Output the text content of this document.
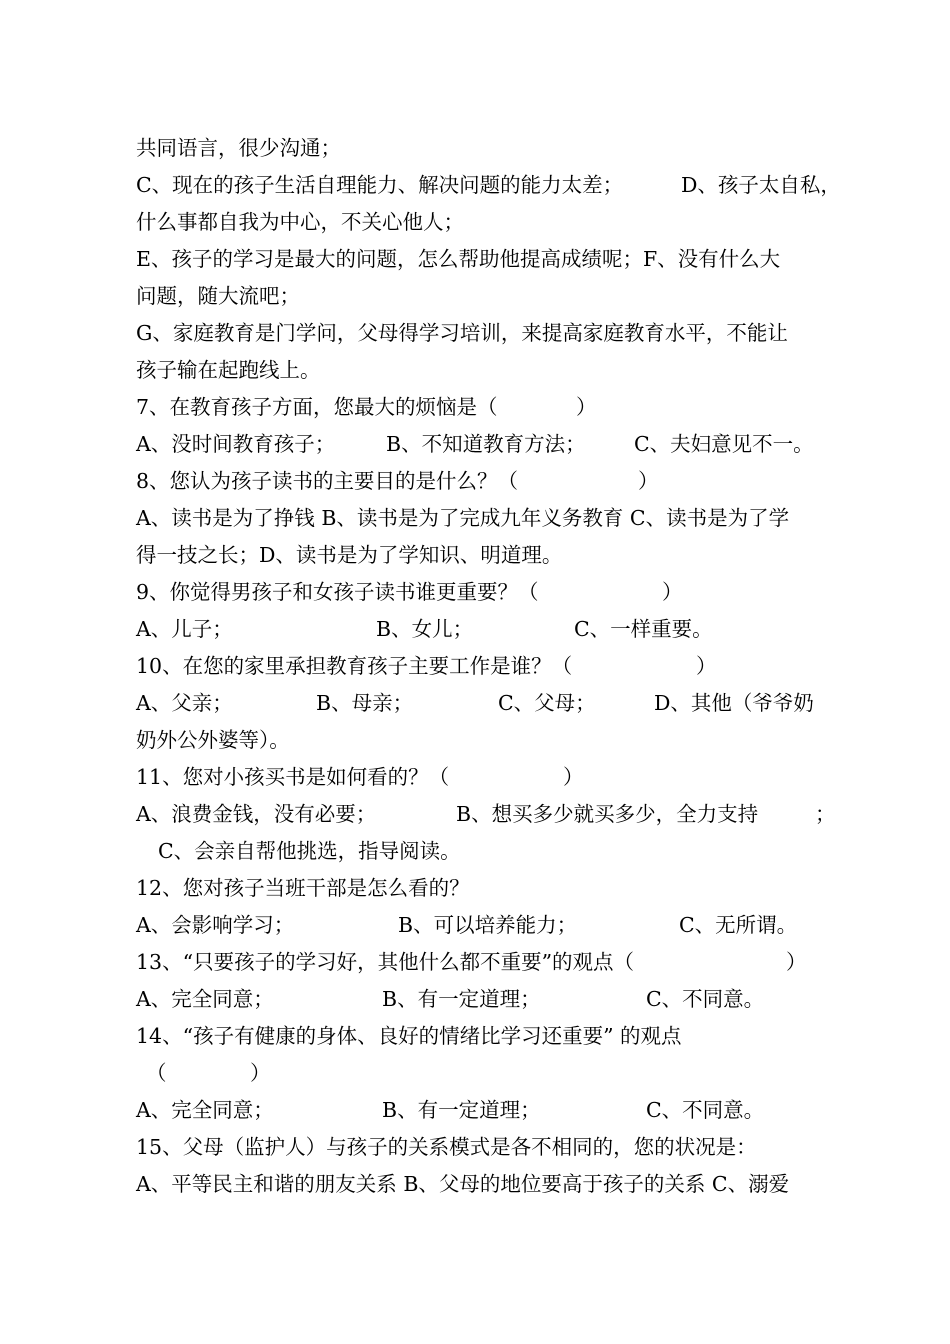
共同语言，很少沟通；
C、现在的孩子生活自理能力、解决问题的能力太差；	D、孩子太自私，
什么事都自我为中心，不关心他人；
E、孩子的学习是最大的问题，怎么帮助他提高成绩呢；F、没有什么大
问题，随大流吧；
G、家庭教育是门学问，父母得学习培训，来提高家庭教育水平，不能让
孩子输在起跑线上。
7、在教育孩子方面，您最大的烦恼是（	）
A、没时间教育孩子； B、不知道教育方法； C、夫妇意见不一。
8、您认为孩子读书的主要目的是什么？（	）
A、读书是为了挣钱 B、读书是为了完成九年义务教育 C、读书是为了学
得一技之长；D、读书是为了学知识、明道理。
9、你觉得男孩子和女孩子读书谁更重要？（	）
A、儿子；	B、女儿；	C、一样重要。
10、在您的家里承担教育孩子主要工作是谁？（	）
A、父亲；	B、母亲；	C、父母；	D、其他（爷爷奶
奶外公外婆等）。
11、您对小孩买书是如何看的？（	）
A、浪费金钱，没有必要；	B、想买多少就买多少，全力支持	；
C、会亲自帮他挑选，指导阅读。
12、您对孩子当班干部是怎么看的？
A、会影响学习；	B、可以培养能力；	C、无所谓。
13、“只要孩子的学习好，其他什么都不重要”的观点（	）
A、完全同意；	B、有一定道理；	C、不同意。
14、“孩子有健康的身体、良好的情绪比学习还重要” 的观点
（	）
A、完全同意；	B、有一定道理；	C、不同意。
15、父母（监护人）与孩子的关系模式是各不相同的，您的状况是：
A、平等民主和谐的朋友关系 B、父母的地位要高于孩子的关系 C、溺爱
